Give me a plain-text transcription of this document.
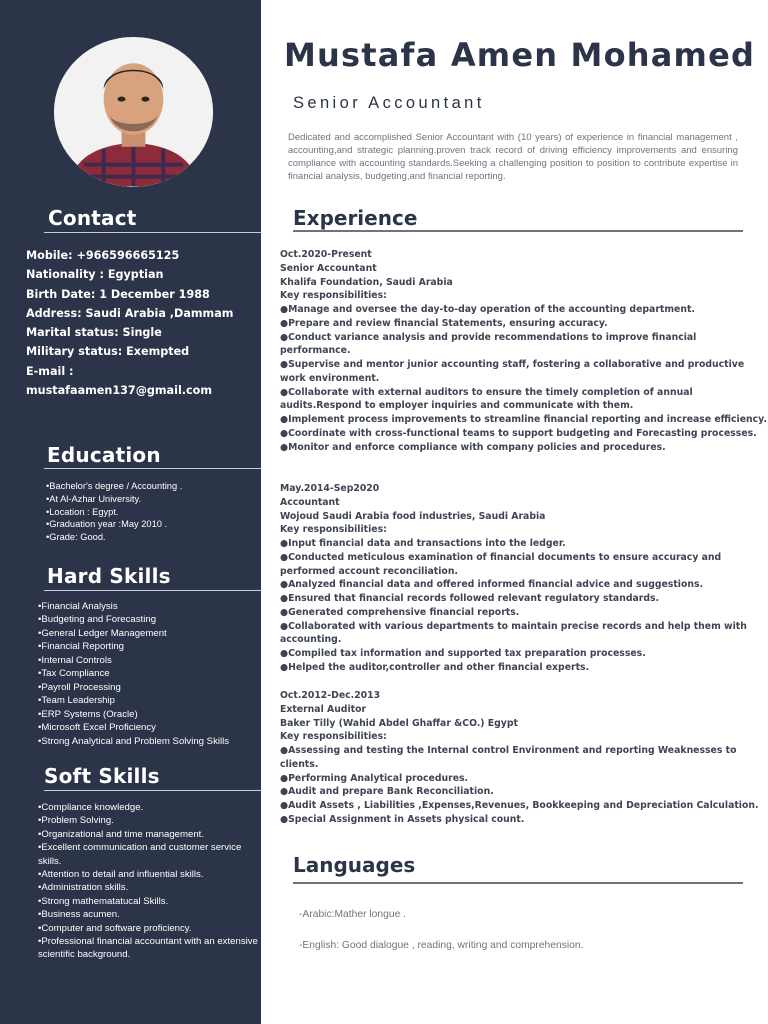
Contact
Mobile: +966596665125
Nationality : Egyptian
Birth Date: 1 December 1988
Address: Saudi Arabia ,Dammam
Marital status: Single
Military status: Exempted
E-mail :
mustafaamen137@gmail.com
Education
•Bachelor's degree / Accounting .
•At Al-Azhar University.
•Location : Egypt.
•Graduation year :May 2010 .
•Grade: Good.
Hard Skills
•Financial Analysis
•Budgeting and Forecasting
•General Ledger Management
•Financial Reporting
•Internal Controls
•Tax Compliance
•Payroll Processing
•Team Leadership
•ERP Systems (Oracle)
•Microsoft Excel Proficiency
•Strong Analytical and Problem Solving Skills
Soft Skills
•Compliance knowledge.
•Problem Solving.
•Organizational and time management.
•Excellent communication and customer service skills.
•Attention to detail and influential skills.
•Administration skills.
•Strong mathematatucal Skills.
•Business acumen.
•Computer and software proficiency.
•Professional financial accountant with an extensive scientific background.
Mustafa Amen Mohamed
Senior Accountant

Dedicated and accomplished Senior Accountant with (10 years) of experience in financial management , accounting,and strategic planning.proven track record of driving efficiency improvements and ensuring compliance with accounting standards.Seeking a challenging position to position to contribute expertise in financial analysis, budgeting,and financial reporting.

Experience
Oct.2020-Present
Senior Accountant
Khalifa Foundation, Saudi Arabia
Key responsibilities:
●Manage and oversee the day-to-day operation of the accounting department.
●Prepare and review financial Statements, ensuring accuracy.
●Conduct variance analysis and provide recommendations to improve financial performance.
●Supervise and mentor junior accounting staff, fostering a collaborative and productive work environment.
●Collaborate with external auditors to ensure the timely completion of annual audits.Respond to employer inquiries and communicate with them.
●Implement process improvements to streamline financial reporting and increase efficiency.
●Coordinate with cross-functional teams to support budgeting and Forecasting processes.
●Monitor and enforce compliance with company policies and procedures.
May.2014-Sep2020
Accountant
Wojoud Saudi Arabia food industries, Saudi Arabia
Key responsibilities:
●Input financial data and transactions into the ledger.
●Conducted meticulous examination of financial documents to ensure accuracy and performed account reconciliation.
●Analyzed financial data and offered informed financial advice and suggestions.
●Ensured that financial records followed relevant regulatory standards.
●Generated comprehensive financial reports.
●Collaborated with various departments to maintain precise records and help them with accounting.
●Compiled tax information and supported tax preparation processes.
●Helped the auditor,controller and other financial experts.
Oct.2012-Dec.2013
External Auditor
Baker Tilly (Wahid Abdel Ghaffar &CO.) Egypt
Key responsibilities:
●Assessing and testing the Internal control Environment and reporting Weaknesses to clients.
●Performing Analytical procedures.
●Audit and prepare Bank Reconciliation.
●Audit Assets , Liabilities ,Expenses,Revenues, Bookkeeping and Depreciation Calculation.
●Special Assignment in Assets physical count.
Languages
-Arabic:Mather longue .
-English: Good dialogue , reading, writing and comprehension.
